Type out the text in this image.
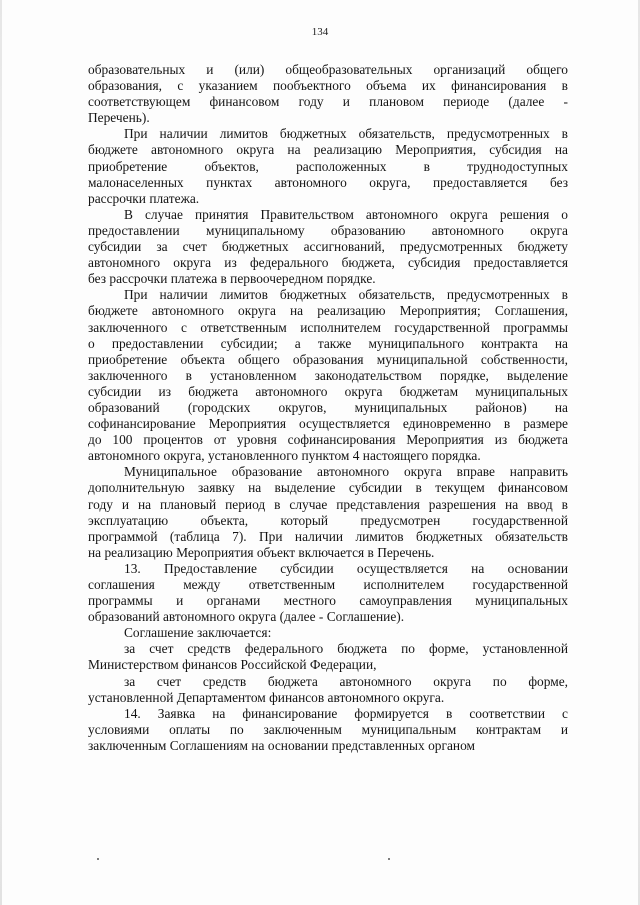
134
образовательных и (или) общеобразовательных организаций общего
образования, с указанием пообъектного объема их финансирования в
соответствующем финансовом году и плановом периоде (далее -
Перечень).
При наличии лимитов бюджетных обязательств, предусмотренных в
бюджете автономного округа на реализацию Мероприятия, субсидия на
приобретение объектов, расположенных в труднодоступных
малонаселенных пунктах автономного округа, предоставляется без
рассрочки платежа.
В случае принятия Правительством автономного округа решения о
предоставлении муниципальному образованию автономного округа
субсидии за счет бюджетных ассигнований, предусмотренных бюджету
автономного округа из федерального бюджета, субсидия предоставляется
без рассрочки платежа в первоочередном порядке.
При наличии лимитов бюджетных обязательств, предусмотренных в
бюджете автономного округа на реализацию Мероприятия; Соглашения,
заключенного с ответственным исполнителем государственной программы
о предоставлении субсидии; а также муниципального контракта на
приобретение объекта общего образования муниципальной собственности,
заключенного в установленном законодательством порядке, выделение
субсидии из бюджета автономного округа бюджетам муниципальных
образований (городских округов, муниципальных районов) на
софинансирование Мероприятия осуществляется единовременно в размере
до 100 процентов от уровня софинансирования Мероприятия из бюджета
автономного округа, установленного пунктом 4 настоящего порядка.
Муниципальное образование автономного округа вправе направить
дополнительную заявку на выделение субсидии в текущем финансовом
году и на плановый период в случае представления разрешения на ввод в
эксплуатацию объекта, который предусмотрен государственной
программой (таблица 7). При наличии лимитов бюджетных обязательств
на реализацию Мероприятия объект включается в Перечень.
13. Предоставление субсидии осуществляется на основании
соглашения между ответственным исполнителем государственной
программы и органами местного самоуправления муниципальных
образований автономного округа (далее - Соглашение).
Соглашение заключается:
за счет средств федерального бюджета по форме, установленной
Министерством финансов Российской Федерации,
за счет средств бюджета автономного округа по форме,
установленной Департаментом финансов автономного округа.
14. Заявка на финансирование формируется в соответствии с
условиями оплаты по заключенным муниципальным контрактам и
заключенным Соглашениям на основании представленных органом
